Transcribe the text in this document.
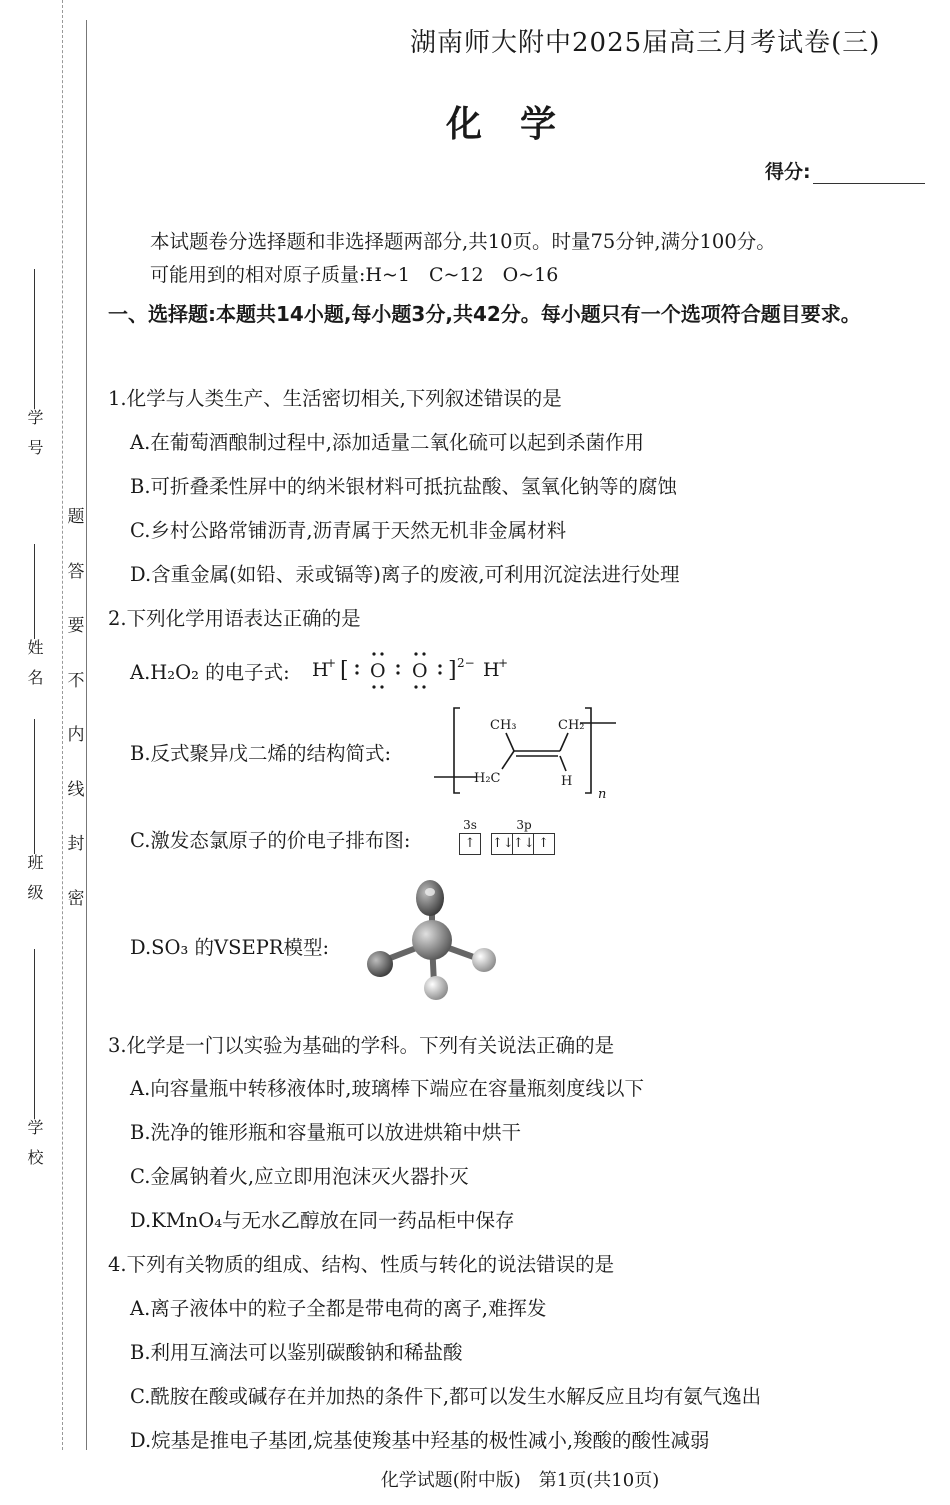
学号
姓名
班级
学校
题
答
要
不
内
线
封
密
湖南师大附中2025届高三月考试卷(三)
化学
得分:
本试题卷分选择题和非选择题两部分,共10页。时量75分钟,满分100分。
可能用到的相对原子质量:H~1　C~12　O~16
一、选择题:本题共14小题,每小题3分,共42分。每小题只有一个选项符合题目要求。
1.化学与人类生产、生活密切相关,下列叙述错误的是
A.在葡萄酒酿制过程中,添加适量二氧化硫可以起到杀菌作用
B.可折叠柔性屏中的纳米银材料可抵抗盐酸、氢氧化钠等的腐蚀
C.乡村公路常铺沥青,沥青属于天然无机非金属材料
D.含重金属(如铅、汞或镉等)离子的废液,可利用沉淀法进行处理
2.下列化学用语表达正确的是
A.H₂O₂ 的电子式: H
+ [ O O ] 2− H
+
B.反式聚异戊二烯的结构简式:
CH₃	CH₂
H₂C	H
n
C.激发态氯原子的价电子排布图:
3s
↑
3p
↑↓↑↓ ↑
D.SO₃ 的VSEPR模型:
3.化学是一门以实验为基础的学科。下列有关说法正确的是
A.向容量瓶中转移液体时,玻璃棒下端应在容量瓶刻度线以下
B.洗净的锥形瓶和容量瓶可以放进烘箱中烘干
C.金属钠着火,应立即用泡沫灭火器扑灭
D.KMnO₄与无水乙醇放在同一药品柜中保存
4.下列有关物质的组成、结构、性质与转化的说法错误的是
A.离子液体中的粒子全都是带电荷的离子,难挥发
B.利用互滴法可以鉴别碳酸钠和稀盐酸
C.酰胺在酸或碱存在并加热的条件下,都可以发生水解反应且均有氨气逸出
D.烷基是推电子基团,烷基使羧基中羟基的极性减小,羧酸的酸性减弱
化学试题(附中版)　第1页(共10页)
